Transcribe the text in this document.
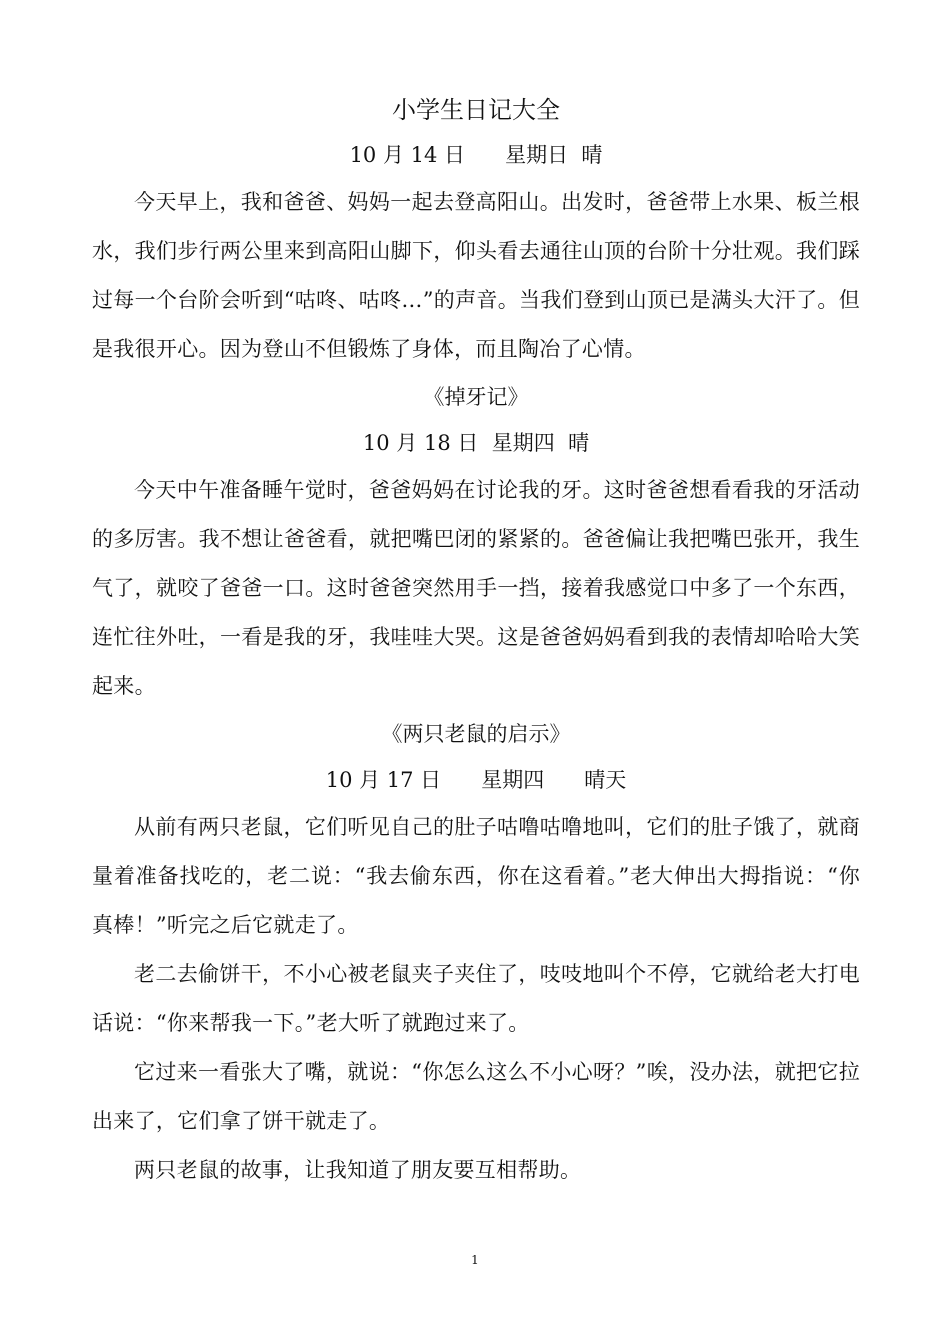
小学生日记大全

10 月 14 日      星期日  晴

今天早上，我和爸爸、妈妈一起去登高阳山。出发时，爸爸带上水果、板兰根水，我们步行两公里来到高阳山脚下，仰头看去通往山顶的台阶十分壮观。我们踩过每一个台阶会听到“咕咚、咕咚…”的声音。当我们登到山顶已是满头大汗了。但是我很开心。因为登山不但锻炼了身体，而且陶冶了心情。

《掉牙记》

10 月 18 日  星期四  晴

今天中午准备睡午觉时，爸爸妈妈在讨论我的牙。这时爸爸想看看我的牙活动的多厉害。我不想让爸爸看，就把嘴巴闭的紧紧的。爸爸偏让我把嘴巴张开，我生气了，就咬了爸爸一口。这时爸爸突然用手一挡，接着我感觉口中多了一个东西，连忙往外吐，一看是我的牙，我哇哇大哭。这是爸爸妈妈看到我的表情却哈哈大笑起来。

《两只老鼠的启示》

10 月 17 日      星期四      晴天

从前有两只老鼠，它们听见自己的肚子咕噜咕噜地叫，它们的肚子饿了，就商量着准备找吃的，老二说：“我去偷东西，你在这看着。”老大伸出大拇指说：“你真棒！”听完之后它就走了。

老二去偷饼干，不小心被老鼠夹子夹住了，吱吱地叫个不停，它就给老大打电话说：“你来帮我一下。”老大听了就跑过来了。

它过来一看张大了嘴，就说：“你怎么这么不小心呀？”唉，没办法，就把它拉出来了，它们拿了饼干就走了。

两只老鼠的故事，让我知道了朋友要互相帮助。

1
